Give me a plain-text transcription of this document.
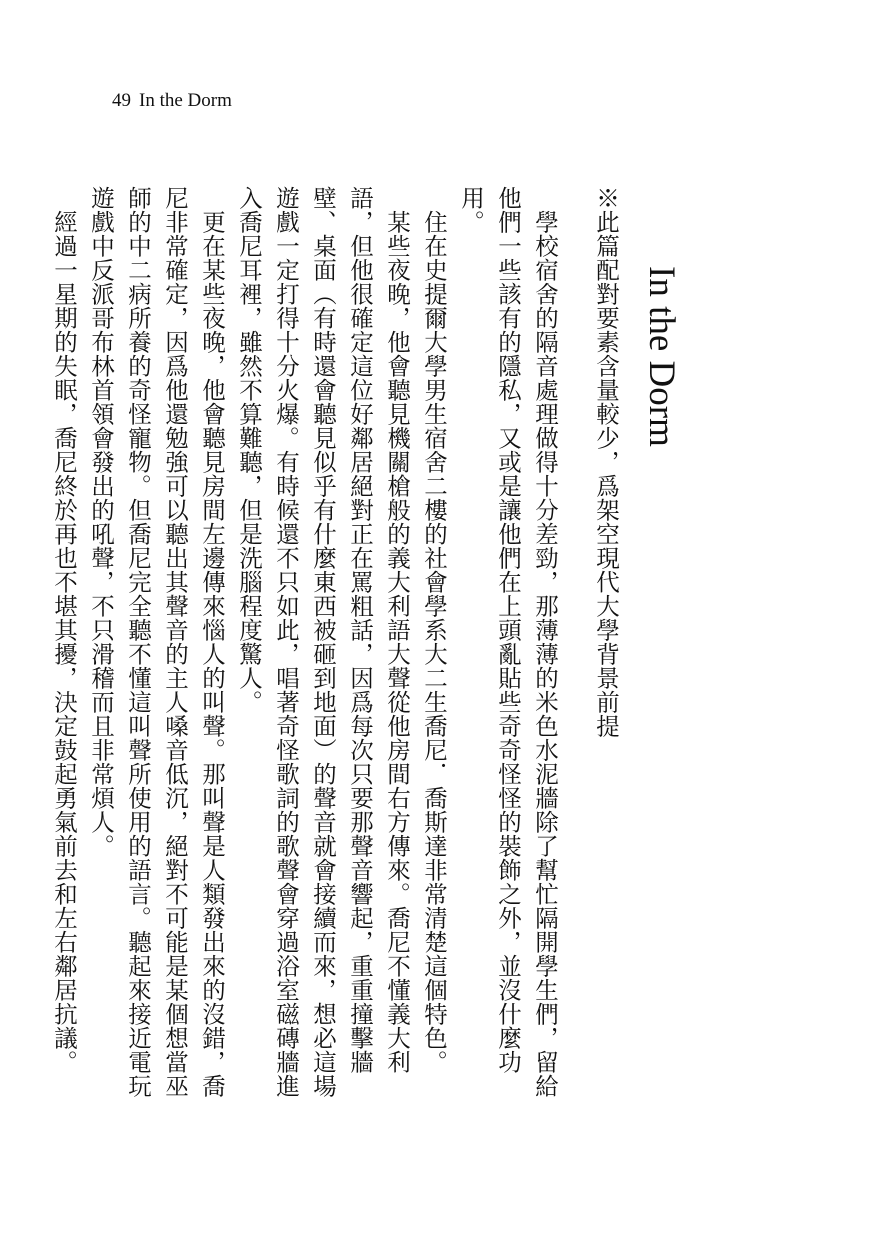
49 In the Dorm
In the Dorm
※此篇配對要素含量較少，爲架空現代大學背景前提

學校宿舍的隔音處理做得十分差勁，那薄薄的米色水泥牆除了幫忙隔開學生們，留給他們一些該有的隱私，又或是讓他們在上頭亂貼些奇奇怪怪的裝飾之外，並沒什麼功用。

住在史提爾大學男生宿舍二樓的社會學系大二生喬尼．喬斯達非常清楚這個特色。

某些夜晚，他會聽見機關槍般的義大利語大聲從他房間右方傳來。喬尼不懂義大利語，但他很確定這位好鄰居絕對正在罵粗話，因爲每次只要那聲音響起，重重撞擊牆壁、桌面（有時還會聽見似乎有什麼東西被砸到地面）的聲音就會接續而來，想必這場遊戲一定打得十分火爆。有時候還不只如此，唱著奇怪歌詞的歌聲會穿過浴室磁磚牆進入喬尼耳裡，雖然不算難聽，但是洗腦程度驚人。

更在某些夜晚，他會聽見房間左邊傳來惱人的叫聲。那叫聲是人類發出來的沒錯，喬尼非常確定，因爲他還勉強可以聽出其聲音的主人嗓音低沉，絕對不可能是某個想當巫師的中二病所養的奇怪寵物。但喬尼完全聽不懂這叫聲所使用的語言。聽起來接近電玩遊戲中反派哥布林首領會發出的吼聲，不只滑稽而且非常煩人。

經過一星期的失眠，喬尼終於再也不堪其擾，決定鼓起勇氣前去和左右鄰居抗議。
